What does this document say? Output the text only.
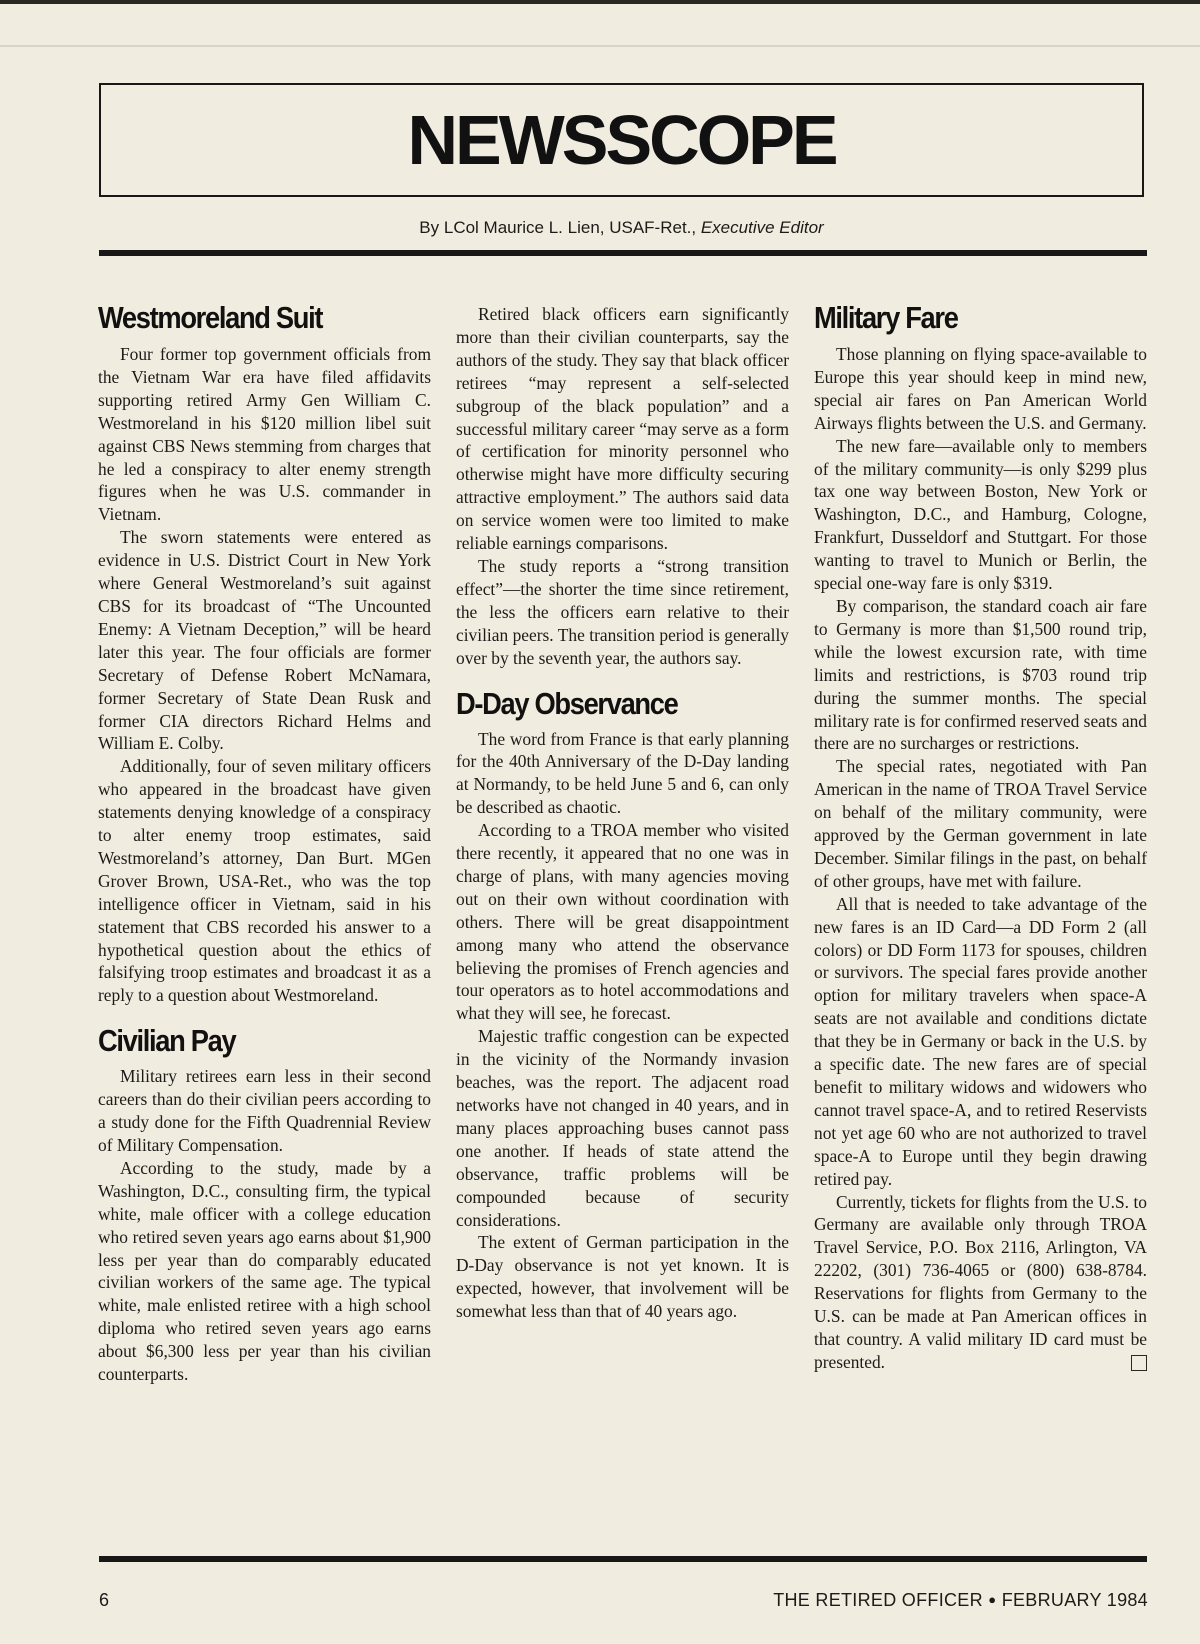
NEWSSCOPE
By LCol Maurice L. Lien, USAF-Ret., Executive Editor
Westmoreland Suit

Four former top government officials from the Vietnam War era have filed affidavits supporting retired Army Gen William C. Westmoreland in his $120 million libel suit against CBS News stemming from charges that he led a conspiracy to alter enemy strength figures when he was U.S. commander in Vietnam.

The sworn statements were entered as evidence in U.S. District Court in New York where General Westmoreland’s suit against CBS for its broadcast of “The Uncounted Enemy: A Vietnam Deception,” will be heard later this year. The four officials are former Secretary of Defense Robert McNamara, former Secretary of State Dean Rusk and former CIA directors Richard Helms and William E. Colby.

Additionally, four of seven military officers who appeared in the broadcast have given statements denying knowledge of a conspiracy to alter enemy troop estimates, said Westmoreland’s attorney, Dan Burt. MGen Grover Brown, USA-Ret., who was the top intelligence officer in Vietnam, said in his statement that CBS recorded his answer to a hypothetical question about the ethics of falsifying troop estimates and broadcast it as a reply to a question about Westmoreland.

Civilian Pay

Military retirees earn less in their second careers than do their civilian peers according to a study done for the Fifth Quadrennial Review of Military Compensation.

According to the study, made by a Washington, D.C., consulting firm, the typical white, male officer with a college education who retired seven years ago earns about $1,900 less per year than do comparably educated civilian workers of the same age. The typical white, male enlisted retiree with a high school diploma who retired seven years ago earns about $6,300 less per year than his civilian counterparts.

Retired black officers earn significantly more than their civilian counterparts, say the authors of the study. They say that black officer retirees “may represent a self-selected subgroup of the black population” and a successful military career “may serve as a form of certification for minority personnel who otherwise might have more difficulty securing attractive employment.” The authors said data on service women were too limited to make reliable earnings comparisons.

The study reports a “strong transition effect”—the shorter the time since retirement, the less the officers earn relative to their civilian peers. The transition period is generally over by the seventh year, the authors say.

D-Day Observance

The word from France is that early planning for the 40th Anniversary of the D-Day landing at Normandy, to be held June 5 and 6, can only be described as chaotic.

According to a TROA member who visited there recently, it appeared that no one was in charge of plans, with many agencies moving out on their own without coordination with others. There will be great disappointment among many who attend the observance believing the promises of French agencies and tour operators as to hotel accommodations and what they will see, he forecast.

Majestic traffic congestion can be expected in the vicinity of the Normandy invasion beaches, was the report. The adjacent road networks have not changed in 40 years, and in many places approaching buses cannot pass one another. If heads of state attend the observance, traffic problems will be compounded because of security considerations.

The extent of German participation in the D-Day observance is not yet known. It is expected, however, that involvement will be somewhat less than that of 40 years ago.

Military Fare

Those planning on flying space-available to Europe this year should keep in mind new, special air fares on Pan American World Airways flights between the U.S. and Germany.

The new fare—available only to members of the military community—is only $299 plus tax one way between Boston, New York or Washington, D.C., and Hamburg, Cologne, Frankfurt, Dusseldorf and Stuttgart. For those wanting to travel to Munich or Berlin, the special one-way fare is only $319.

By comparison, the standard coach air fare to Germany is more than $1,500 round trip, while the lowest excursion rate, with time limits and restrictions, is $703 round trip during the summer months. The special military rate is for confirmed reserved seats and there are no surcharges or restrictions.

The special rates, negotiated with Pan American in the name of TROA Travel Service on behalf of the military community, were approved by the German government in late December. Similar filings in the past, on behalf of other groups, have met with failure.

All that is needed to take advantage of the new fares is an ID Card—a DD Form 2 (all colors) or DD Form 1173 for spouses, children or survivors. The special fares provide another option for military travelers when space-A seats are not available and conditions dictate that they be in Germany or back in the U.S. by a specific date. The new fares are of special benefit to military widows and widowers who cannot travel space-A, and to retired Reservists not yet age 60 who are not authorized to travel space-A to Europe until they begin drawing retired pay.

Currently, tickets for flights from the U.S. to Germany are available only through TROA Travel Service, P.O. Box 2116, Arlington, VA 22202, (301) 736-4065 or (800) 638-8784. Reservations for flights from Germany to the U.S. can be made at Pan American offices in that country. A valid military ID card must be presented.

6	THE RETIRED OFFICER ● FEBRUARY 1984
